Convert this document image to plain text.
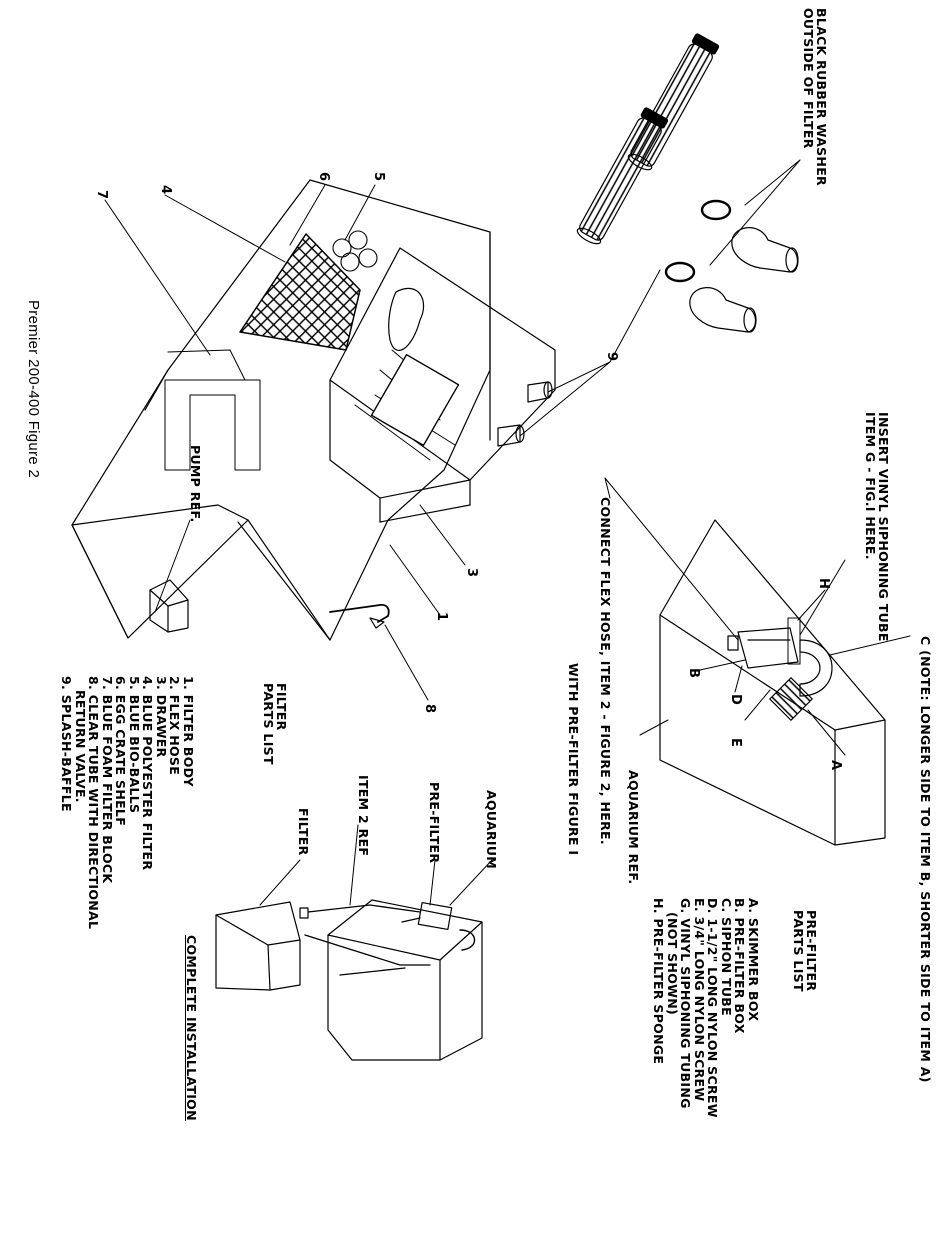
BLACK RUBBER WASHER
OUTSIDE OF FILTER
INSERT VINYL SIPHONING TUBE
ITEM G - FIG.I HERE.
C (NOTE: LONGER SIDE TO ITEM B, SHORTER SIDE TO ITEM A)
CONNECT FLEX HOSE, ITEM 2 - FIGURE 2, HERE.
WITH PRE-FILTER FIGURE I	AQUARIUM REF.
PUMP REF.
Premier 200-400 Figure 2
5
6
4
7
9
3
1
8
H
A
B
D
E
FILTER
PARTS LIST
1. FILTER BODY
2. FLEX HOSE
3. DRAWER
4. BLUE POLYESTER FILTER
5. BLUE BIO-BALLS
6. EGG CRATE SHELF
7. BLUE FOAM FILTER BLOCK
8. CLEAR TUBE WITH DIRECTIONAL
RETURN VALVE.
9. SPLASH-BAFFLE
PRE-FILTER
PARTS LIST
A. SKIMMER BOX
B. PRE-FILTER BOX
C. SIPHON TUBE
D. 1-1/2" LONG NYLON SCREW
E. 3/4" LONG NYLON SCREW
G. VINYL SIPHONING TUBING
(NOT SHOWN)
H. PRE-FILTER SPONGE
AQUARIUM
PRE-FILTER
ITEM 2 REF
FILTER
COMPLETE INSTALLATION
